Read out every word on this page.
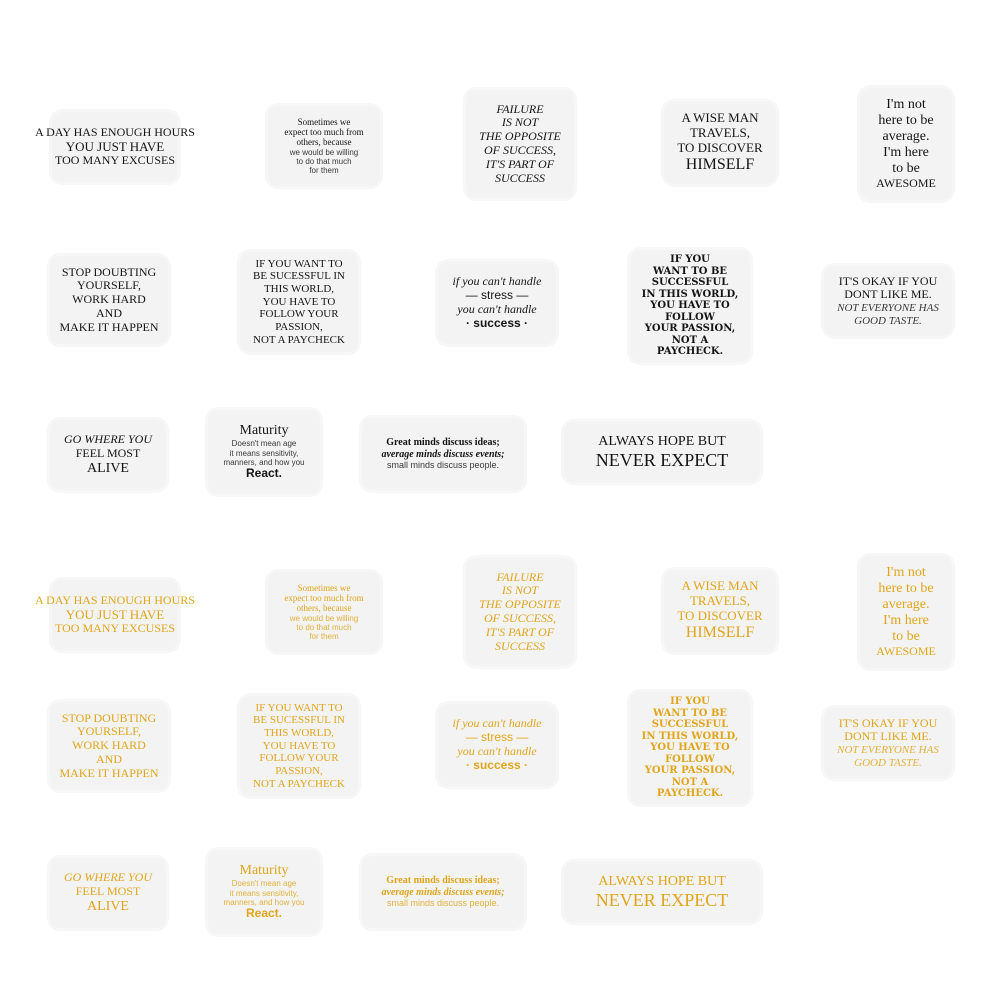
A DAY HAS ENOUGH HOURS
YOU JUST HAVE
TOO MANY EXCUSES
Sometimes we
expect too much from
others, because
we would be willing
to do that much
for them
FAILURE
IS NOT
THE OPPOSITE
OF SUCCESS,
IT'S PART OF
SUCCESS
A WISE MAN
TRAVELS,
TO DISCOVER
HIMSELF
I'm not
here to be
average.
I'm here
to be
AWESOME
STOP DOUBTING
YOURSELF,
WORK HARD
AND
MAKE IT HAPPEN
IF YOU WANT TO
BE SUCESSFUL IN
THIS WORLD,
YOU HAVE TO
FOLLOW YOUR
PASSION,
NOT A PAYCHECK
if you can't handle
— stress —
you can't handle
· success ·
IF YOU
WANT TO BE
SUCCESSFUL
IN THIS WORLD,
YOU HAVE TO
FOLLOW
YOUR PASSION,
NOT A
PAYCHECK.
IT'S OKAY IF YOU
DONT LIKE ME.
NOT EVERYONE HAS
GOOD TASTE.
GO WHERE YOU
FEEL MOST
ALIVE
Maturity
Doesn't mean age
it means sensitivity,
manners, and how you
React.
Great minds discuss ideas;
average minds discuss events;
small minds discuss people.
ALWAYS HOPE BUT
NEVER EXPECT
A DAY HAS ENOUGH HOURS
YOU JUST HAVE
TOO MANY EXCUSES
Sometimes we
expect too much from
others, because
we would be willing
to do that much
for them
FAILURE
IS NOT
THE OPPOSITE
OF SUCCESS,
IT'S PART OF
SUCCESS
A WISE MAN
TRAVELS,
TO DISCOVER
HIMSELF
I'm not
here to be
average.
I'm here
to be
AWESOME
STOP DOUBTING
YOURSELF,
WORK HARD
AND
MAKE IT HAPPEN
IF YOU WANT TO
BE SUCESSFUL IN
THIS WORLD,
YOU HAVE TO
FOLLOW YOUR
PASSION,
NOT A PAYCHECK
if you can't handle
— stress —
you can't handle
· success ·
IF YOU
WANT TO BE
SUCCESSFUL
IN THIS WORLD,
YOU HAVE TO
FOLLOW
YOUR PASSION,
NOT A
PAYCHECK.
IT'S OKAY IF YOU
DONT LIKE ME.
NOT EVERYONE HAS
GOOD TASTE.
GO WHERE YOU
FEEL MOST
ALIVE
Maturity
Doesn't mean age
it means sensitivity,
manners, and how you
React.
Great minds discuss ideas;
average minds discuss events;
small minds discuss people.
ALWAYS HOPE BUT
NEVER EXPECT
